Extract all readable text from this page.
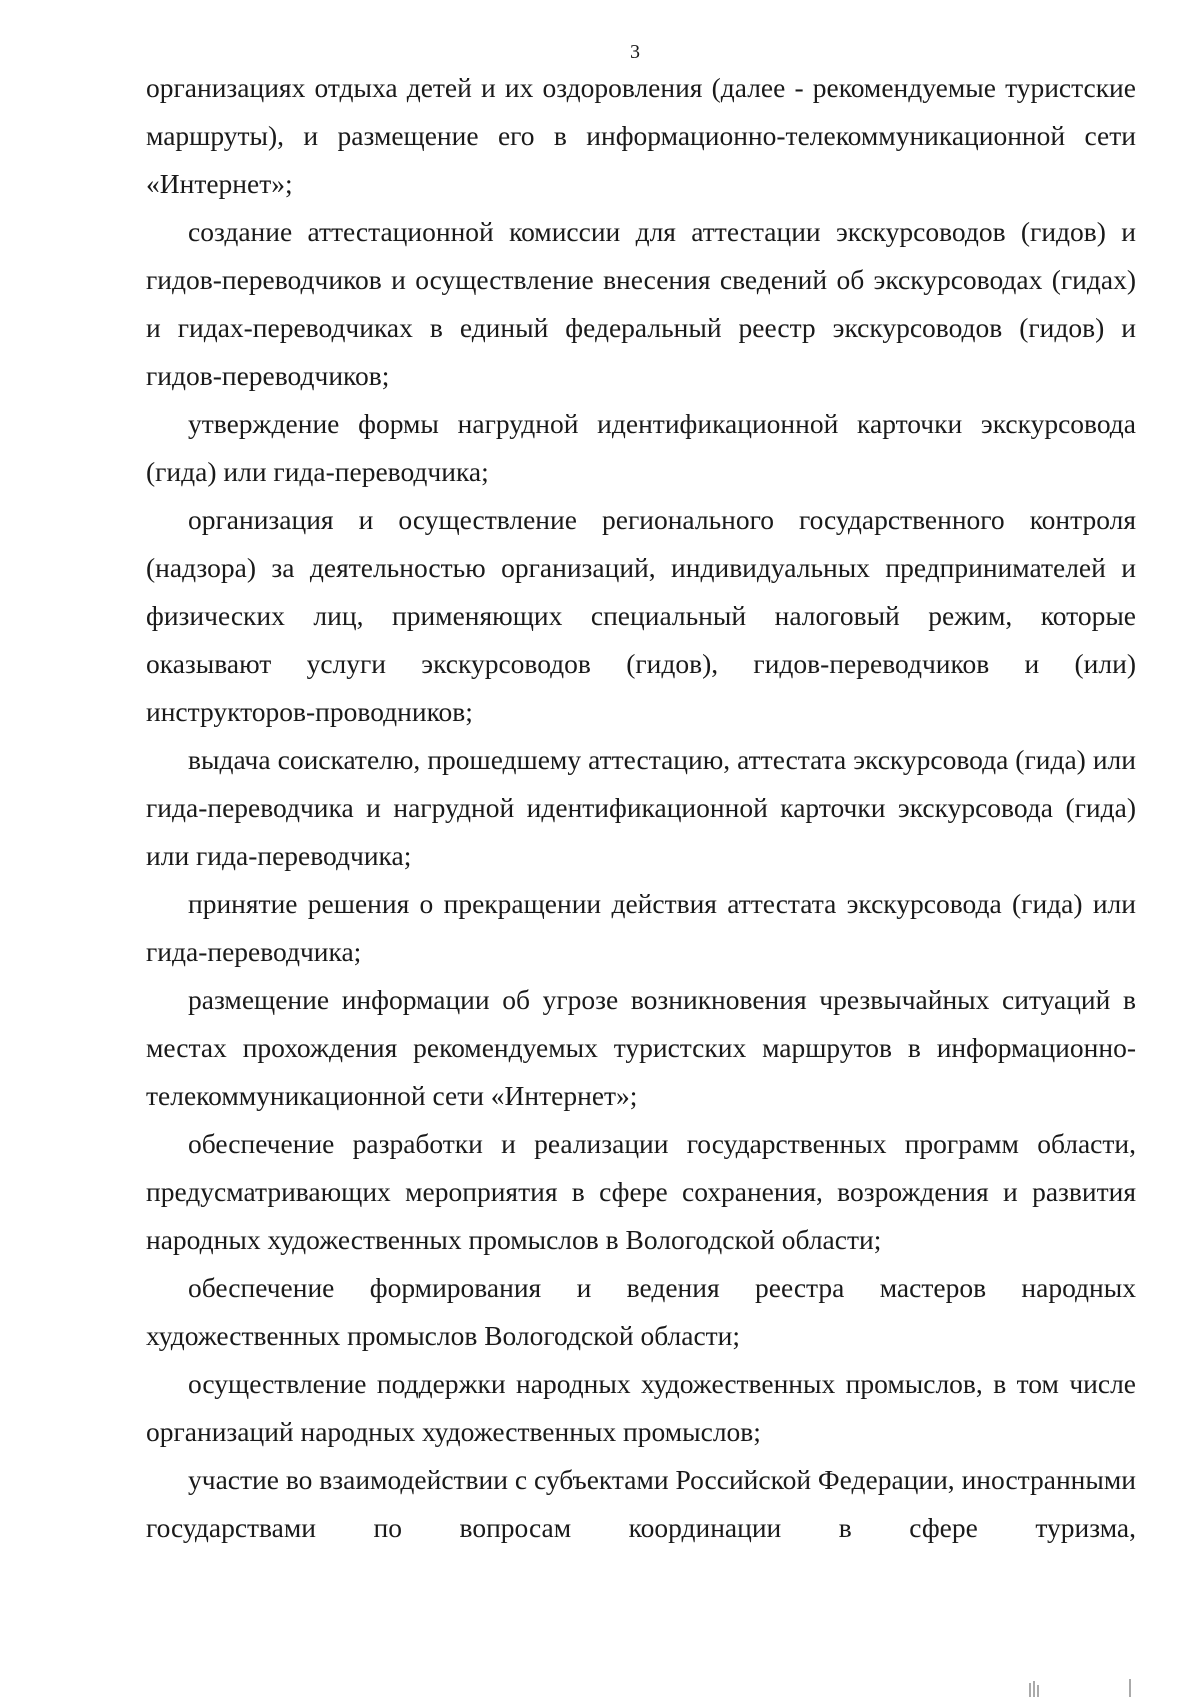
3

организациях отдыха детей и их оздоровления (далее - рекомендуемые туристские маршруты), и размещение его в информационно-телекоммуникационной сети «Интернет»;

создание аттестационной комиссии для аттестации экскурсоводов (гидов) и гидов-переводчиков и осуществление внесения сведений об экскурсоводах (гидах) и гидах-переводчиках в единый федеральный реестр экскурсоводов (гидов) и гидов-переводчиков;

утверждение формы нагрудной идентификационной карточки экскурсовода (гида) или гида-переводчика;

организация и осуществление регионального государственного контроля (надзора) за деятельностью организаций, индивидуальных предпринимателей и физических лиц, применяющих специальный налоговый режим, которые оказывают услуги экскурсоводов (гидов), гидов-переводчиков и (или) инструкторов-проводников;

выдача соискателю, прошедшему аттестацию, аттестата экскурсовода (гида) или гида-переводчика и нагрудной идентификационной карточки экскурсовода (гида) или гида-переводчика;

принятие решения о прекращении действия аттестата экскурсовода (гида) или гида-переводчика;

размещение информации об угрозе возникновения чрезвычайных ситуаций в местах прохождения рекомендуемых туристских маршрутов в информационно-телекоммуникационной сети «Интернет»;

обеспечение разработки и реализации государственных программ области, предусматривающих мероприятия в сфере сохранения, возрождения и развития народных художественных промыслов в Вологодской области;

обеспечение формирования и ведения реестра мастеров народных художественных промыслов Вологодской области;

осуществление поддержки народных художественных промыслов, в том числе организаций народных художественных промыслов;

участие во взаимодействии с субъектами Российской Федерации, иностранными государствами по вопросам координации в сфере туризма,
